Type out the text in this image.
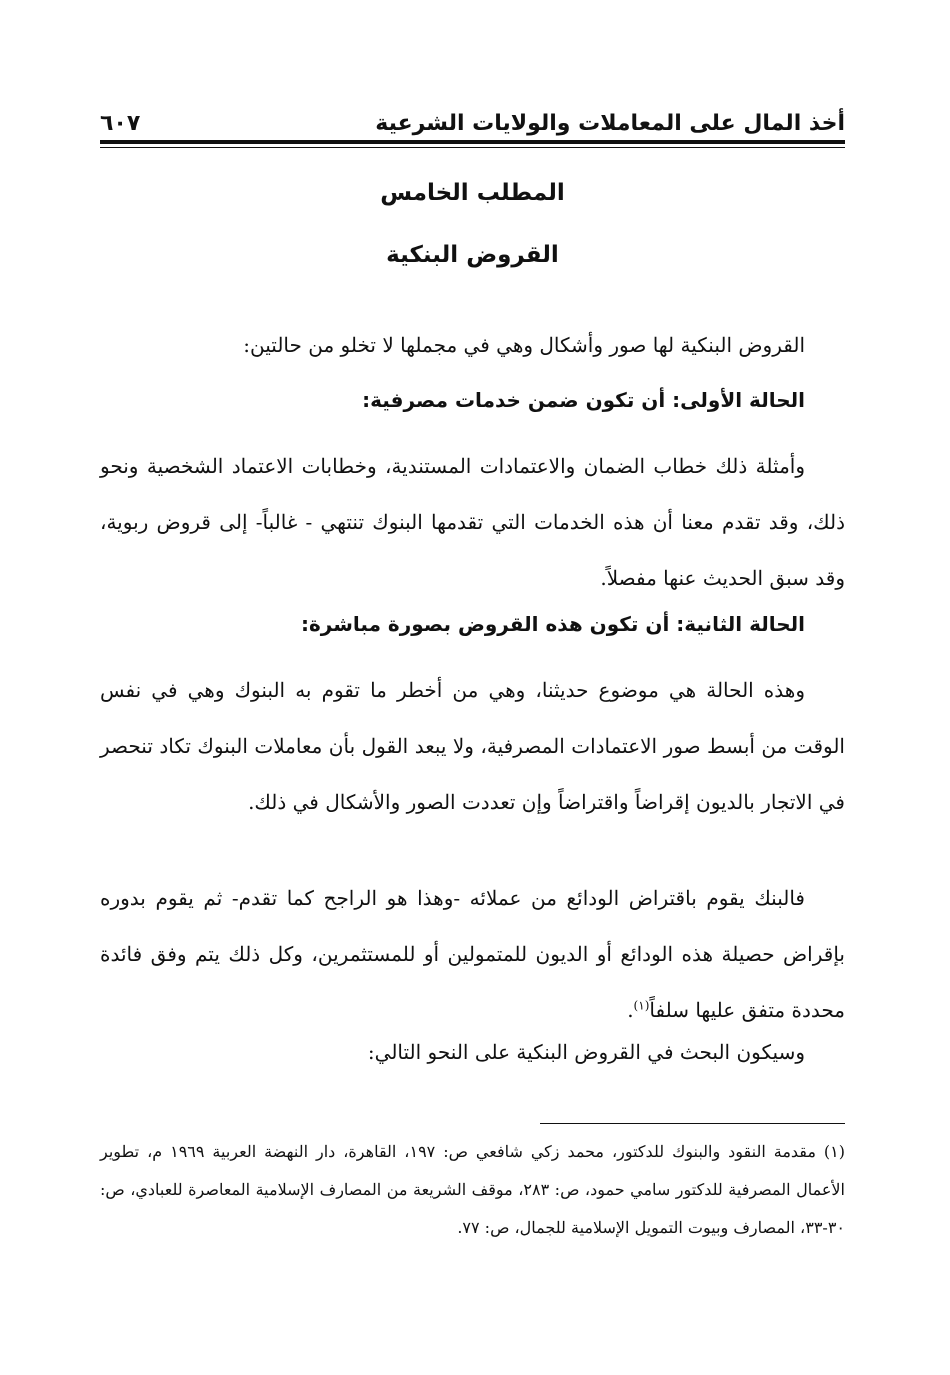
أخذ المال على المعاملات والولايات الشرعية
٦٠٧
المطلب الخامس
القروض البنكية

القروض البنكية لها صور وأشكال وهي في مجملها لا تخلو من حالتين:

الحالة الأولى: أن تكون ضمن خدمات مصرفية:

وأمثلة ذلك خطاب الضمان والاعتمادات المستندية، وخطابات الاعتماد الشخصية ونحو ذلك، وقد تقدم معنا أن هذه الخدمات التي تقدمها البنوك تنتهي - غالباً- إلى قروض ربوية، وقد سبق الحديث عنها مفصلاً.

الحالة الثانية: أن تكون هذه القروض بصورة مباشرة:

وهذه الحالة هي موضوع حديثنا، وهي من أخطر ما تقوم به البنوك وهي في نفس الوقت من أبسط صور الاعتمادات المصرفية، ولا يبعد القول بأن معاملات البنوك تكاد تنحصر في الاتجار بالديون إقراضاً واقتراضاً وإن تعددت الصور والأشكال في ذلك.

فالبنك يقوم باقتراض الودائع من عملائه -وهذا هو الراجح كما تقدم- ثم يقوم بدوره بإقراض حصيلة هذه الودائع أو الديون للمتمولين أو للمستثمرين، وكل ذلك يتم وفق فائدة محددة متفق عليها سلفاً$^{(١)}$.

وسيكون البحث في القروض البنكية على النحو التالي:

(١) مقدمة النقود والبنوك للدكتور، محمد زكي شافعي ص: ١٩٧، القاهرة، دار النهضة العربية ١٩٦٩ م، تطوير الأعمال المصرفية للدكتور سامي حمود، ص: ٢٨٣، موقف الشريعة من المصارف الإسلامية المعاصرة للعبادي، ص: ٣٠-٣٣، المصارف وبيوت التمويل الإسلامية للجمال، ص: ٧٧.
